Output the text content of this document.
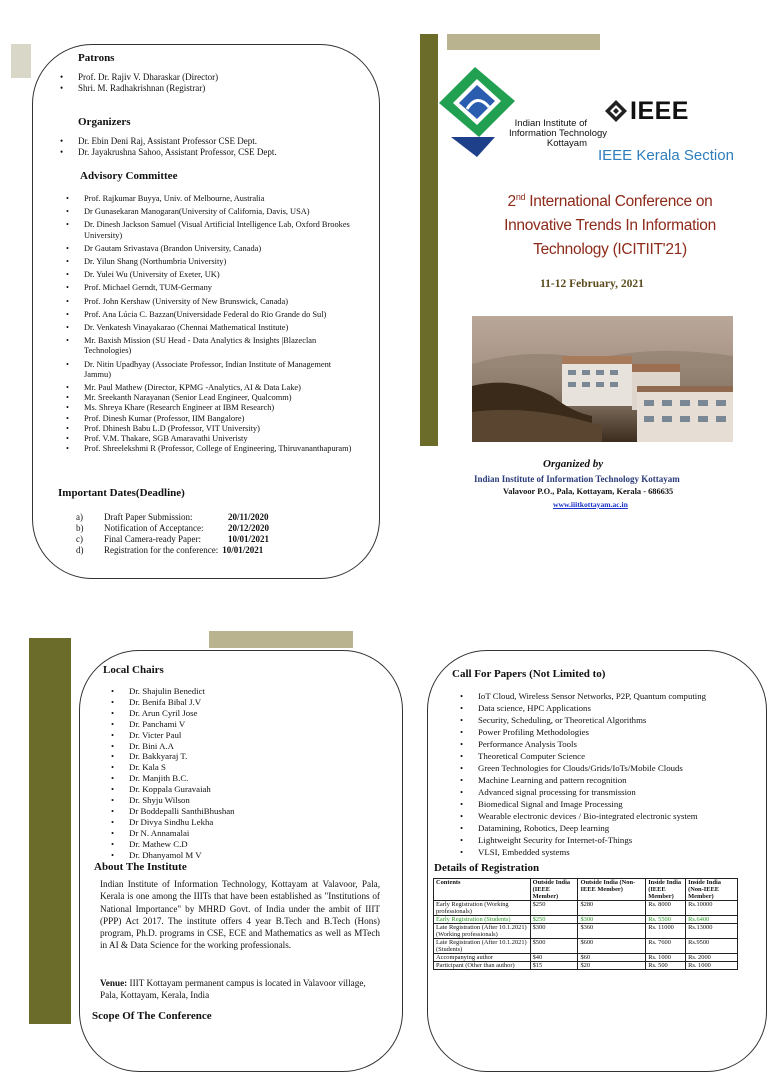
Patrons
• Prof. Dr. Rajiv V. Dharaskar (Director)
• Shri. M. Radhakrishnan (Registrar)
Organizers
• Dr. Ebin Deni Raj, Assistant Professor CSE Dept.
• Dr. Jayakrushna Sahoo, Assistant Professor, CSE Dept.
Advisory Committee
• Prof. Rajkumar Buyya, Univ. of Melbourne, Australia
• Dr Gunasekaran Manogaran(University of California, Davis, USA)
• Dr. Dinesh Jackson Samuel (Visual Artificial Intelligence Lab, Oxford Brookes University)
• Dr Gautam Srivastava (Brandon University, Canada)
• Dr. Yilun Shang (Northumbria University)
• Dr. Yulei Wu (University of Exeter, UK)
• Prof. Michael Gerndt, TUM-Germany
• Prof. John Kershaw (University of New Brunswick, Canada)
• Prof. Ana Lúcia C. Bazzan(Universidade Federal do Rio Grande do Sul)
• Dr. Venkatesh Vinayakarao (Chennai Mathematical Institute)
• Mr. Baxish Mission (SU Head - Data Analytics & Insights |Blazeclan Technologies)
• Dr. Nitin Upadhyay (Associate Professor, Indian Institute of Management Jammu)
• Mr. Paul Mathew (Director, KPMG -Analytics, AI & Data Lake)
• Mr. Sreekanth Narayanan (Senior Lead Engineer, Qualcomm)
• Ms. Shreya Khare (Research Engineer at IBM Research)
• Prof. Dinesh Kumar (Professor, IIM Bangalore)
• Prof. Dhinesh Babu L.D (Professor, VIT University)
• Prof. V.M. Thakare, SGB Amaravathi Univeristy
• Prof. Shreelekshmi R (Professor, College of Engineering, Thiruvananthapuram)
Important Dates(Deadline)
a)	Draft Paper Submission:	20/11/2020
b)	Notification of Acceptance:	20/12/2020
c)	Final Camera-ready Paper:	10/01/2021
d)	Registration for the conference: 10/01/2021
Indian Institute of
Information Technology
Kottayam
IEEE
IEEE Kerala Section
2nd International Conference on
Innovative Trends In Information
Technology (ICITIIT'21)
11-12 February, 2021
Organized by
Indian Institute of Information Technology Kottayam
Valavoor P.O., Pala, Kottayam, Kerala - 686635
www.iiitkottayam.ac.in
Local Chairs
• Dr. Shajulin Benedict
• Dr. Benifa Bibal J.V
• Dr. Arun Cyril Jose
• Dr. Panchami V
• Dr. Victer Paul
• Dr. Bini A.A
• Dr. Bakkyaraj T.
• Dr. Kala S
• Dr. Manjith B.C.
• Dr. Koppala Guravaiah
• Dr. Shyju Wilson
• Dr Boddepalli SanthiBhushan
• Dr Divya Sindhu Lekha
• Dr N. Annamalai
• Dr. Mathew C.D
• Dr. Dhanyamol M V
About The Institute
Indian Institute of Information Technology, Kottayam at Valavoor, Pala, Kerala is one among the IIITs that have been established as "Institutions of National Importance" by MHRD Govt. of India under the ambit of IIIT (PPP) Act 2017. The institute offers 4 year B.Tech and B.Tech (Hons) program, Ph.D. programs in CSE, ECE and Mathematics as well as MTech in AI & Data Science for the working professionals.
Venue: IIIT Kottayam permanent campus is located in Valavoor village, Pala, Kottayam, Kerala, India
Scope Of The Conference
Call For Papers (Not Limited to)
• IoT Cloud, Wireless Sensor Networks, P2P, Quantum computing
• Data science, HPC Applications
• Security, Scheduling, or Theoretical Algorithms
• Power Profiling Methodologies
• Performance Analysis Tools
• Theoretical Computer Science
• Green Technologies for Clouds/Grids/IoTs/Mobile Clouds
• Machine Learning and pattern recognition
• Advanced signal processing for transmission
• Biomedical Signal and Image Processing
• Wearable electronic devices / Bio-integrated electronic system
• Datamining, Robotics, Deep learning
• Lightweight Security for Internet-of-Things
• VLSI, Embedded systems
Details of Registration
Contents	Outside India (IEEE Member)	Outside India (Non-IEEE Member)	Inside India (IEEE Member)	Inside India (Non-IEEE Member)
Early Registration (Working professionals)	$250	$280	Rs. 8000	Rs.10000
Early Registration (Students)	$250	$300	Rs. 5500	Rs.6400
Late Registration (After 10.1.2021) (Working professionals)	$300	$360	Rs. 11000	Rs.13000
Late Registration (After 10.1.2021) (Students)	$500	$600	Rs. 7600	Rs.9500
Accompanying author	$40	$60	Rs. 1000	Rs. 2000
Participant (Other than author)	$15	$20	Rs. 500	Rs. 1000
